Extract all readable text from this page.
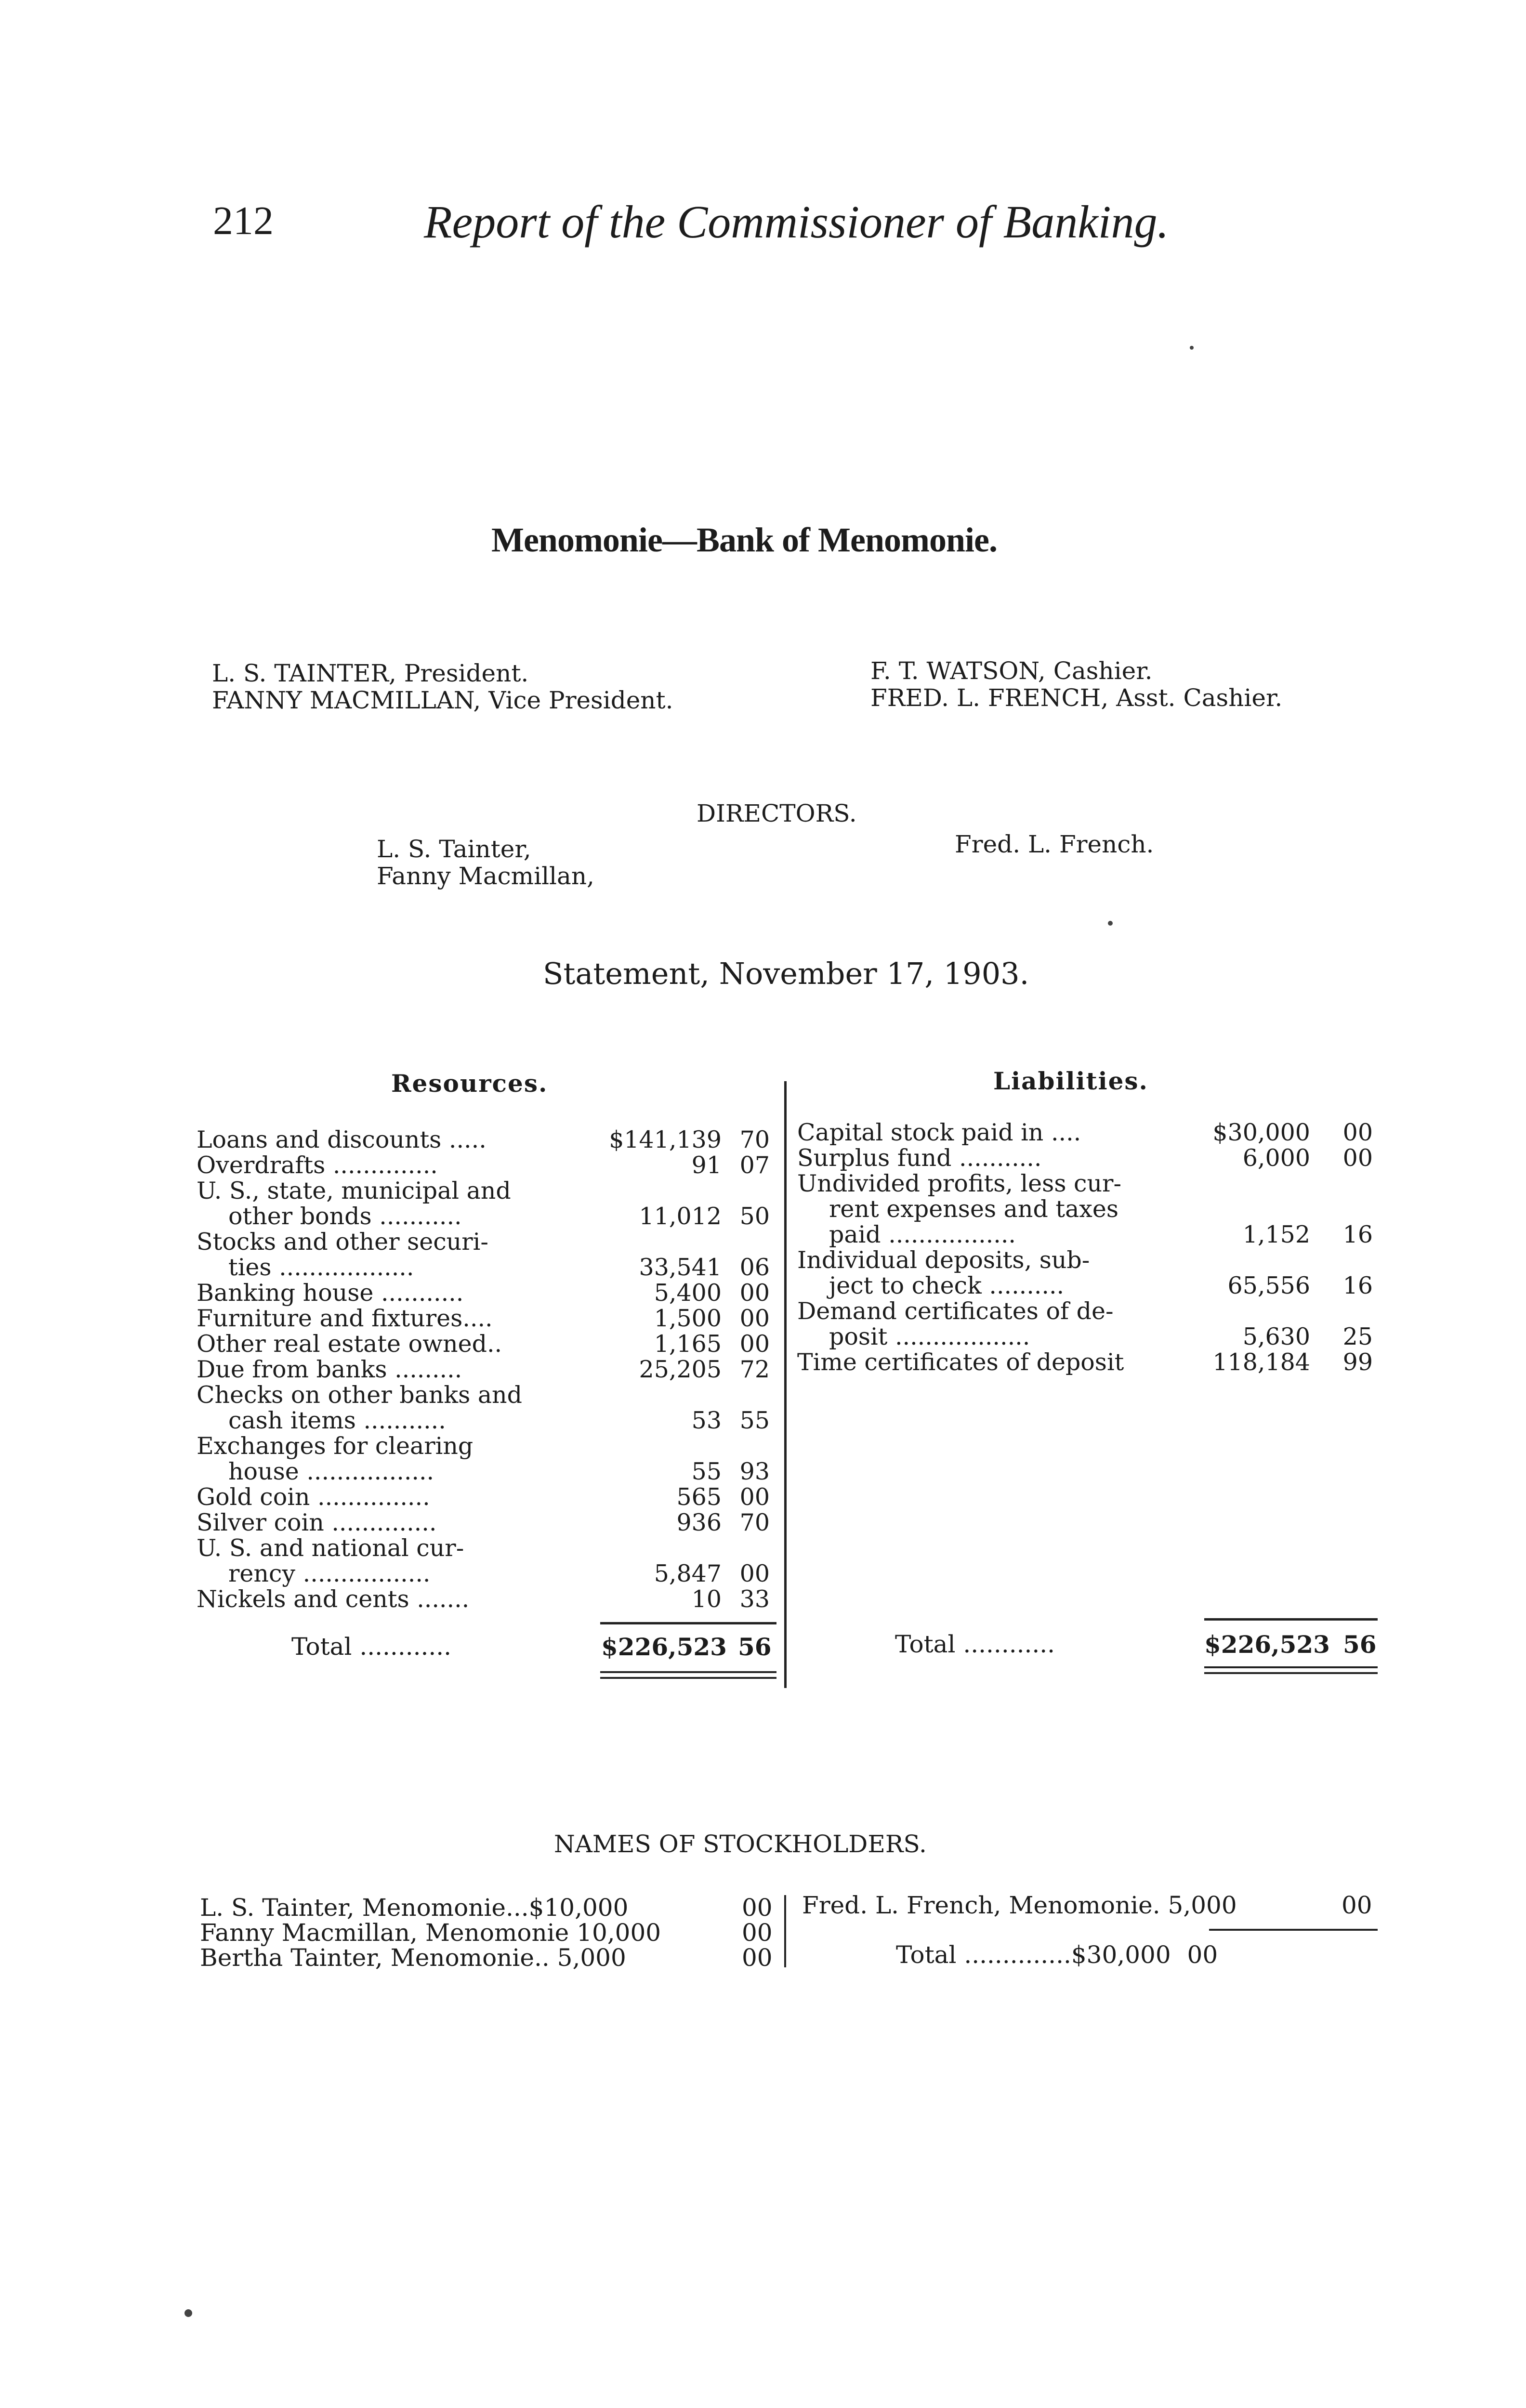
212	Report of the Commissioner of Banking.
Menomonie—Bank of Menomonie.
L. S. TAINTER, President.
FANNY MACMILLAN, Vice President.
F. T. WATSON, Cashier.
FRED. L. FRENCH, Asst. Cashier.
DIRECTORS.
L. S. Tainter,
Fanny Macmillan,
Fred. L. French.
Statement, November 17, 1903.
Resources.	Liabilities.
Loans and discounts .....	$141,139 70
Overdrafts ..............	91 07
U. S., state, municipal and
other bonds ...........	11,012 50
Stocks and other securi-
ties ..................	33,541 06
Banking house ...........	5,400 00
Furniture and fixtures....	1,500 00
Other real estate owned..	1,165 00
Due from banks .........	25,205 72
Checks on other banks and
cash items ...........	53 55
Exchanges for clearing
house .................	55 93
Gold coin ...............	565 00
Silver coin ..............	936 70
U. S. and national cur-
rency .................	5,847 00
Nickels and cents .......	10 33
Capital stock paid in ....	$30,000 00
Surplus fund ...........	6,000 00
Undivided profits, less cur-
rent expenses and taxes
paid .................	1,152 16
Individual deposits, sub-
ject to check ..........	65,556 16
Demand certificates of de-
posit ..................	5,630 25
Time certificates of deposit	118,184 99
Total ............	$226,523 56	Total ............	$226,523 56
NAMES OF STOCKHOLDERS.
L. S. Tainter, Menomonie...$10,000	00
Fanny Macmillan, Menomonie 10,000	00
Bertha Tainter, Menomonie.. 5,000	00
Fred. L. French, Menomonie. 5,000	00
Total ..............$30,000 00
